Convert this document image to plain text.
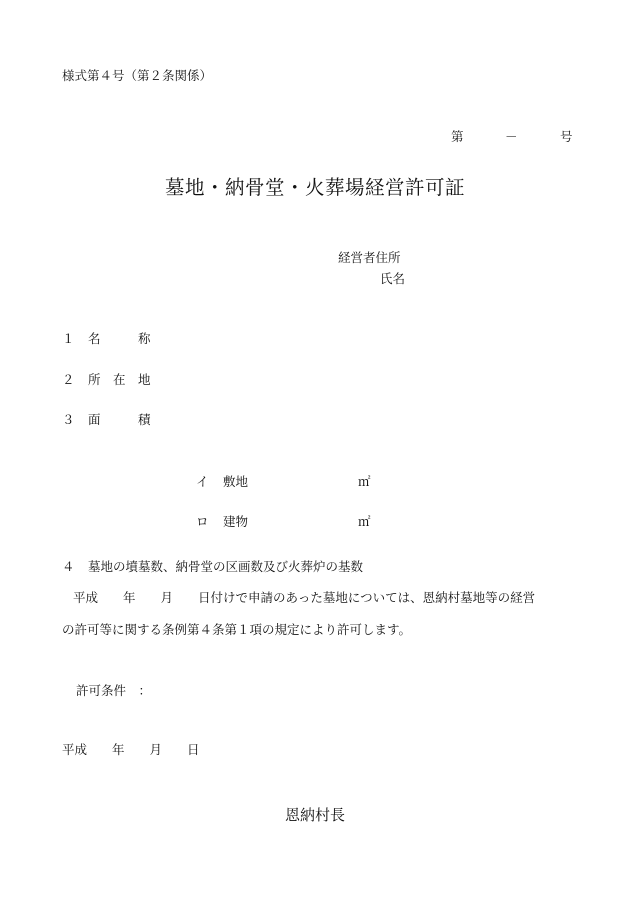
様式第４号（第２条関係）
第	－	号
墓地・納骨堂・火葬場経営許可証
経営者住所
氏名
１ 名　　　称
２ 所　在　地
３ 面　　　積
イ 敷地	㎡
ロ 建物	㎡
４ 墓地の墳墓数、納骨堂の区画数及び火葬炉の基数
平成　　年　　月　　日付けで申請のあった墓地については、恩納村墓地等の経営
の許可等に関する条例第４条第１項の規定により許可します。
許可条件　：
平成　　年　　月　　日
恩納村長
